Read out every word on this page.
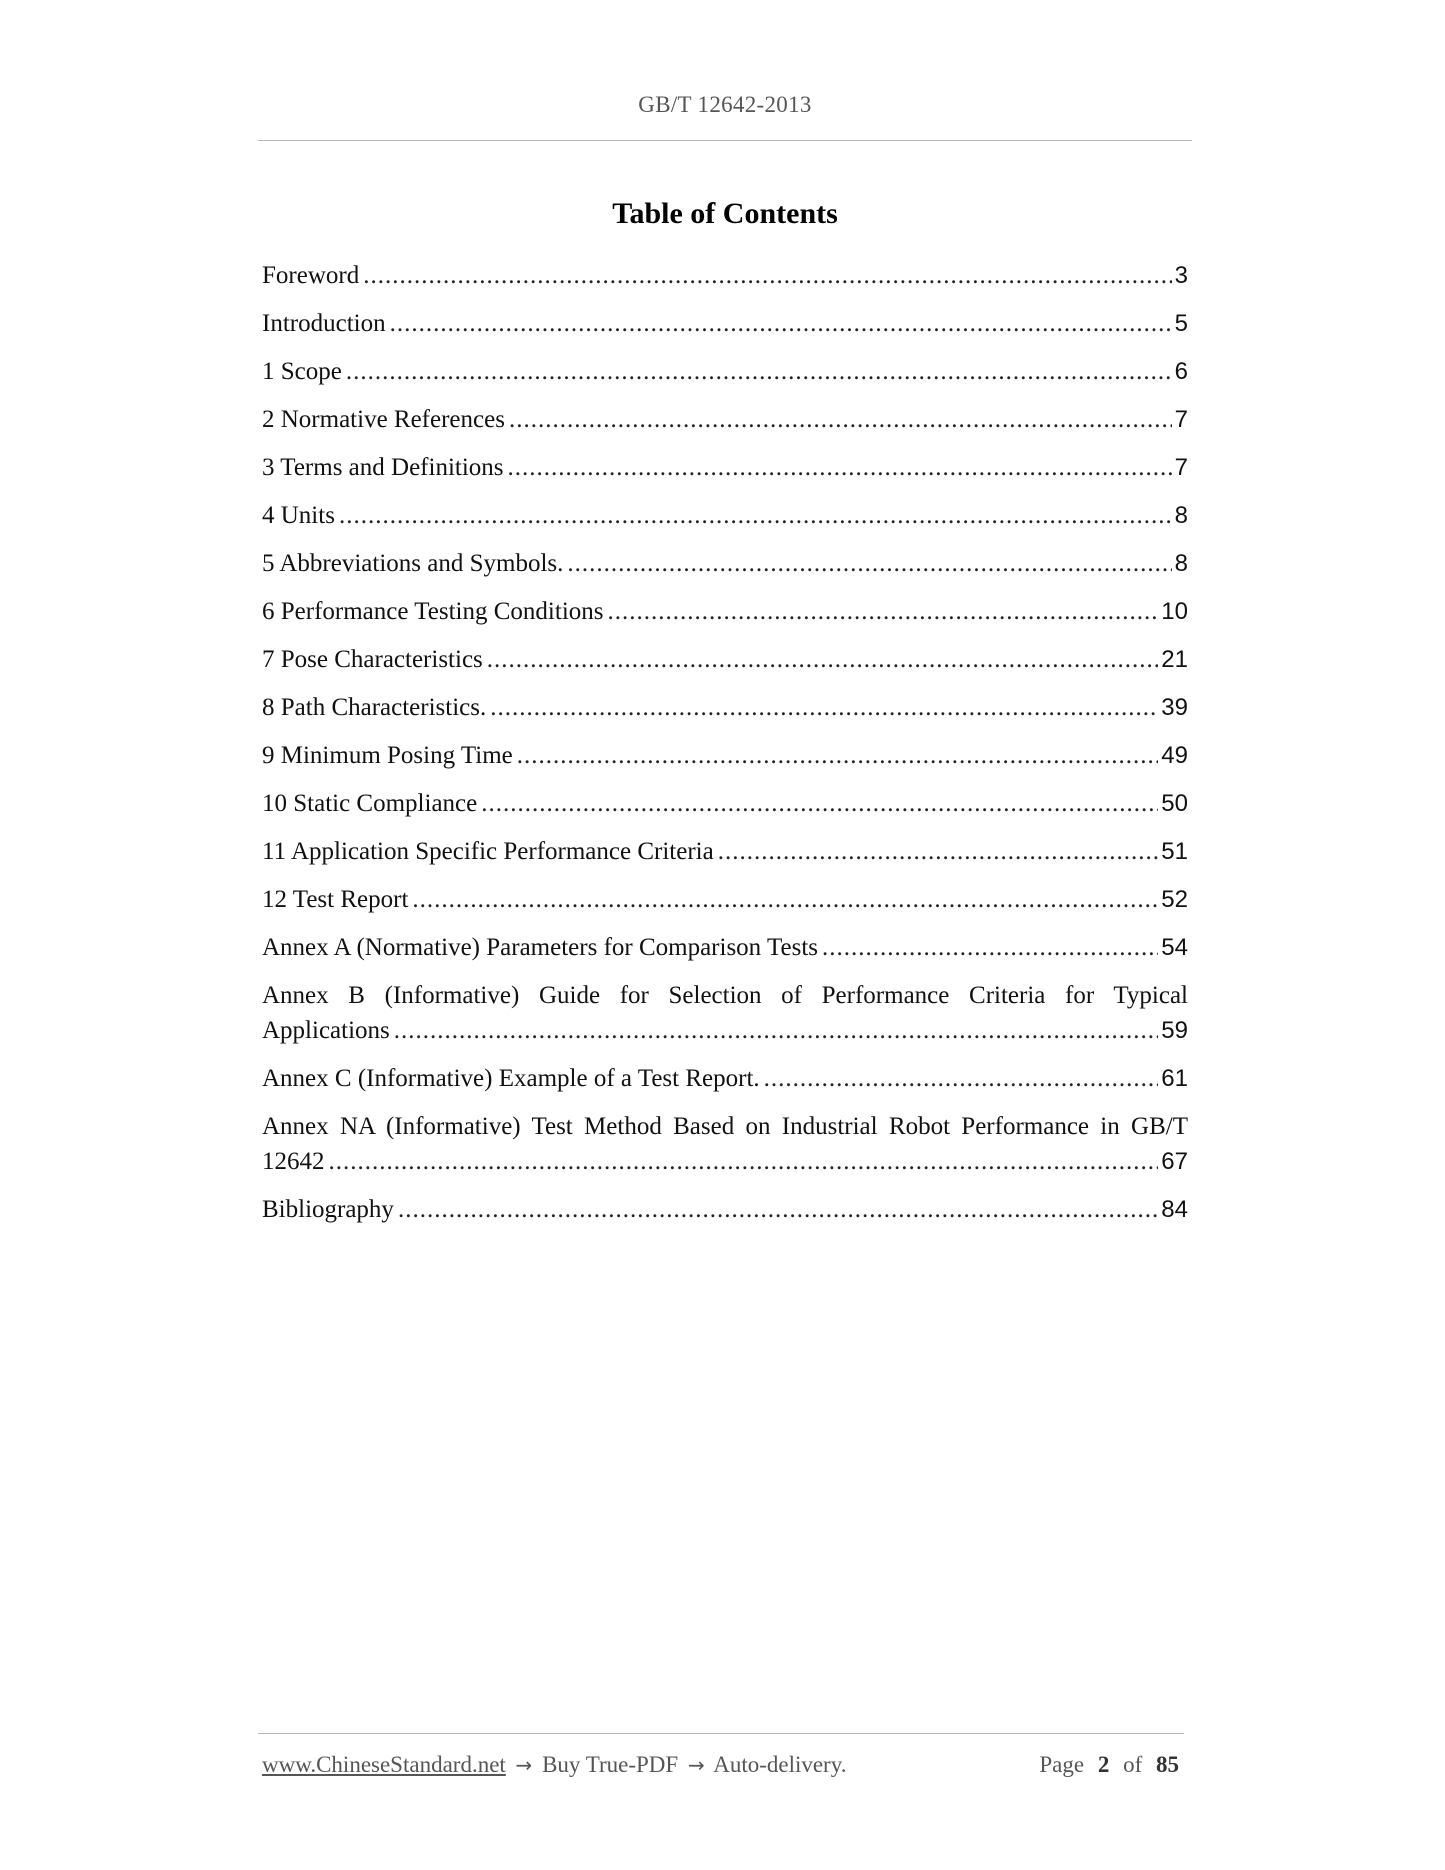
GB/T 12642-2013
Table of Contents
Foreword .....	3
Introduction .....	5
1 Scope .....	6
2 Normative References .....	7
3 Terms and Definitions .....	7
4 Units .....	8
5 Abbreviations and Symbols. .....	8
6 Performance Testing Conditions .....	10
7 Pose Characteristics .....	21
8 Path Characteristics. .....	39
9 Minimum Posing Time .....	49
10 Static Compliance .....	50
11 Application Specific Performance Criteria .....	51
12 Test Report .....	52
Annex A (Normative) Parameters for Comparison Tests .....	54
Annex B (Informative) Guide for Selection of Performance Criteria for Typical
Applications .....	59
Annex C (Informative) Example of a Test Report. .....	61
Annex NA (Informative) Test Method Based on Industrial Robot Performance in GB/T
12642 .....	67
Bibliography .....	84
www.ChineseStandard.net → Buy True-PDF → Auto-delivery.	Page 2 of 85
